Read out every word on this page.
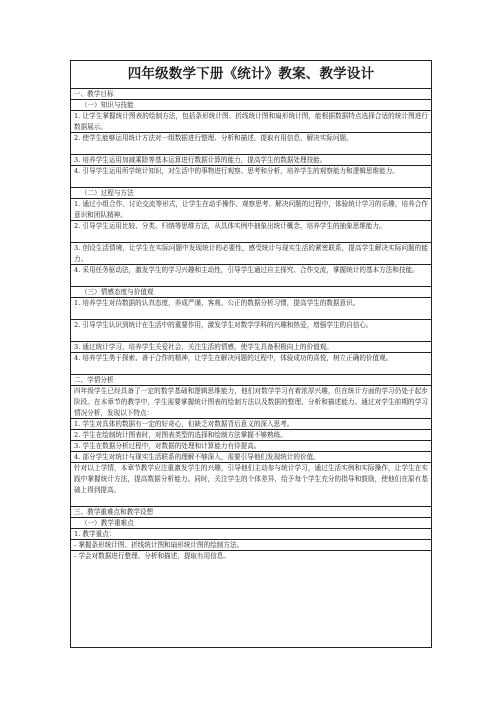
四年级数学下册《统计》教案、教学设计
一、教学目标
（一）知识与技能
1. 让学生掌握统计图表的绘制方法，包括条形统计图、折线统计图和扇形统计图，能根据数据特点选择合适的统计图进行数据展示。
2. 使学生能够运用统计方法对一组数据进行整理、分析和描述，提取有用信息，解决实际问题。
3. 培养学生运用加减乘除等基本运算进行数据计算的能力，提高学生的数据处理技能。
4. 引导学生运用所学统计知识，对生活中的事物进行观察、思考和分析，培养学生的观察能力和逻辑思维能力。
（二）过程与方法
1. 通过小组合作、讨论交流等形式，让学生在动手操作、观察思考、解决问题的过程中，体验统计学习的乐趣，培养合作意识和团队精神。
2. 引导学生运用比较、分类、归纳等思维方法，从具体实例中抽象出统计概念，培养学生的抽象思维能力。
3. 创设生活情境，让学生在实际问题中发现统计的必要性，感受统计与现实生活的紧密联系，提高学生解决实际问题的能力。
4. 采用任务驱动法，激发学生的学习兴趣和主动性，引导学生通过自主探究、合作交流，掌握统计的基本方法和技能。
（三）情感态度与价值观
1. 培养学生对待数据的认真态度，养成严谨、客观、公正的数据分析习惯，提高学生的数据意识。
2. 引导学生认识到统计在生活中的重要作用，激发学生对数学学科的兴趣和热爱，增强学生的自信心。
3. 通过统计学习，培养学生关爱社会、关注生活的情感，使学生具备积极向上的价值观。
4. 培养学生勇于探索、善于合作的精神，让学生在解决问题的过程中，体验成功的喜悦，树立正确的价值观。
二、学情分析
四年级学生已经具备了一定的数学基础和逻辑思维能力，他们对数学学习有着浓厚兴趣，但在统计方面的学习仍处于起步阶段。在本章节的教学中，学生需要掌握统计图表的绘制方法以及数据的整理、分析和描述能力。通过对学生前期的学习情况分析，发现以下特点：
1. 学生对具体的数据有一定的好奇心，但缺乏对数据背后意义的深入思考。
2. 学生在绘制统计图表时，对图表类型的选择和绘制方法掌握不够熟练。
3. 学生在数据分析过程中，对数据的处理和计算能力有待提高。
4. 部分学生对统计与现实生活联系的理解不够深入，需要引导他们发现统计的价值。
针对以上学情，本章节教学应注重激发学生的兴趣，引导他们主动参与统计学习，通过生活实例和实际操作，让学生在实践中掌握统计方法，提高数据分析能力。同时，关注学生的个体差异，给予每个学生充分的指导和鼓励，使他们在原有基础上得到提高。
三、教学重难点和教学设想
（一）教学重难点
1. 教学重点：
- 掌握条形统计图、折线统计图和扇形统计图的绘制方法。
- 学会对数据进行整理、分析和描述，提取有用信息。
